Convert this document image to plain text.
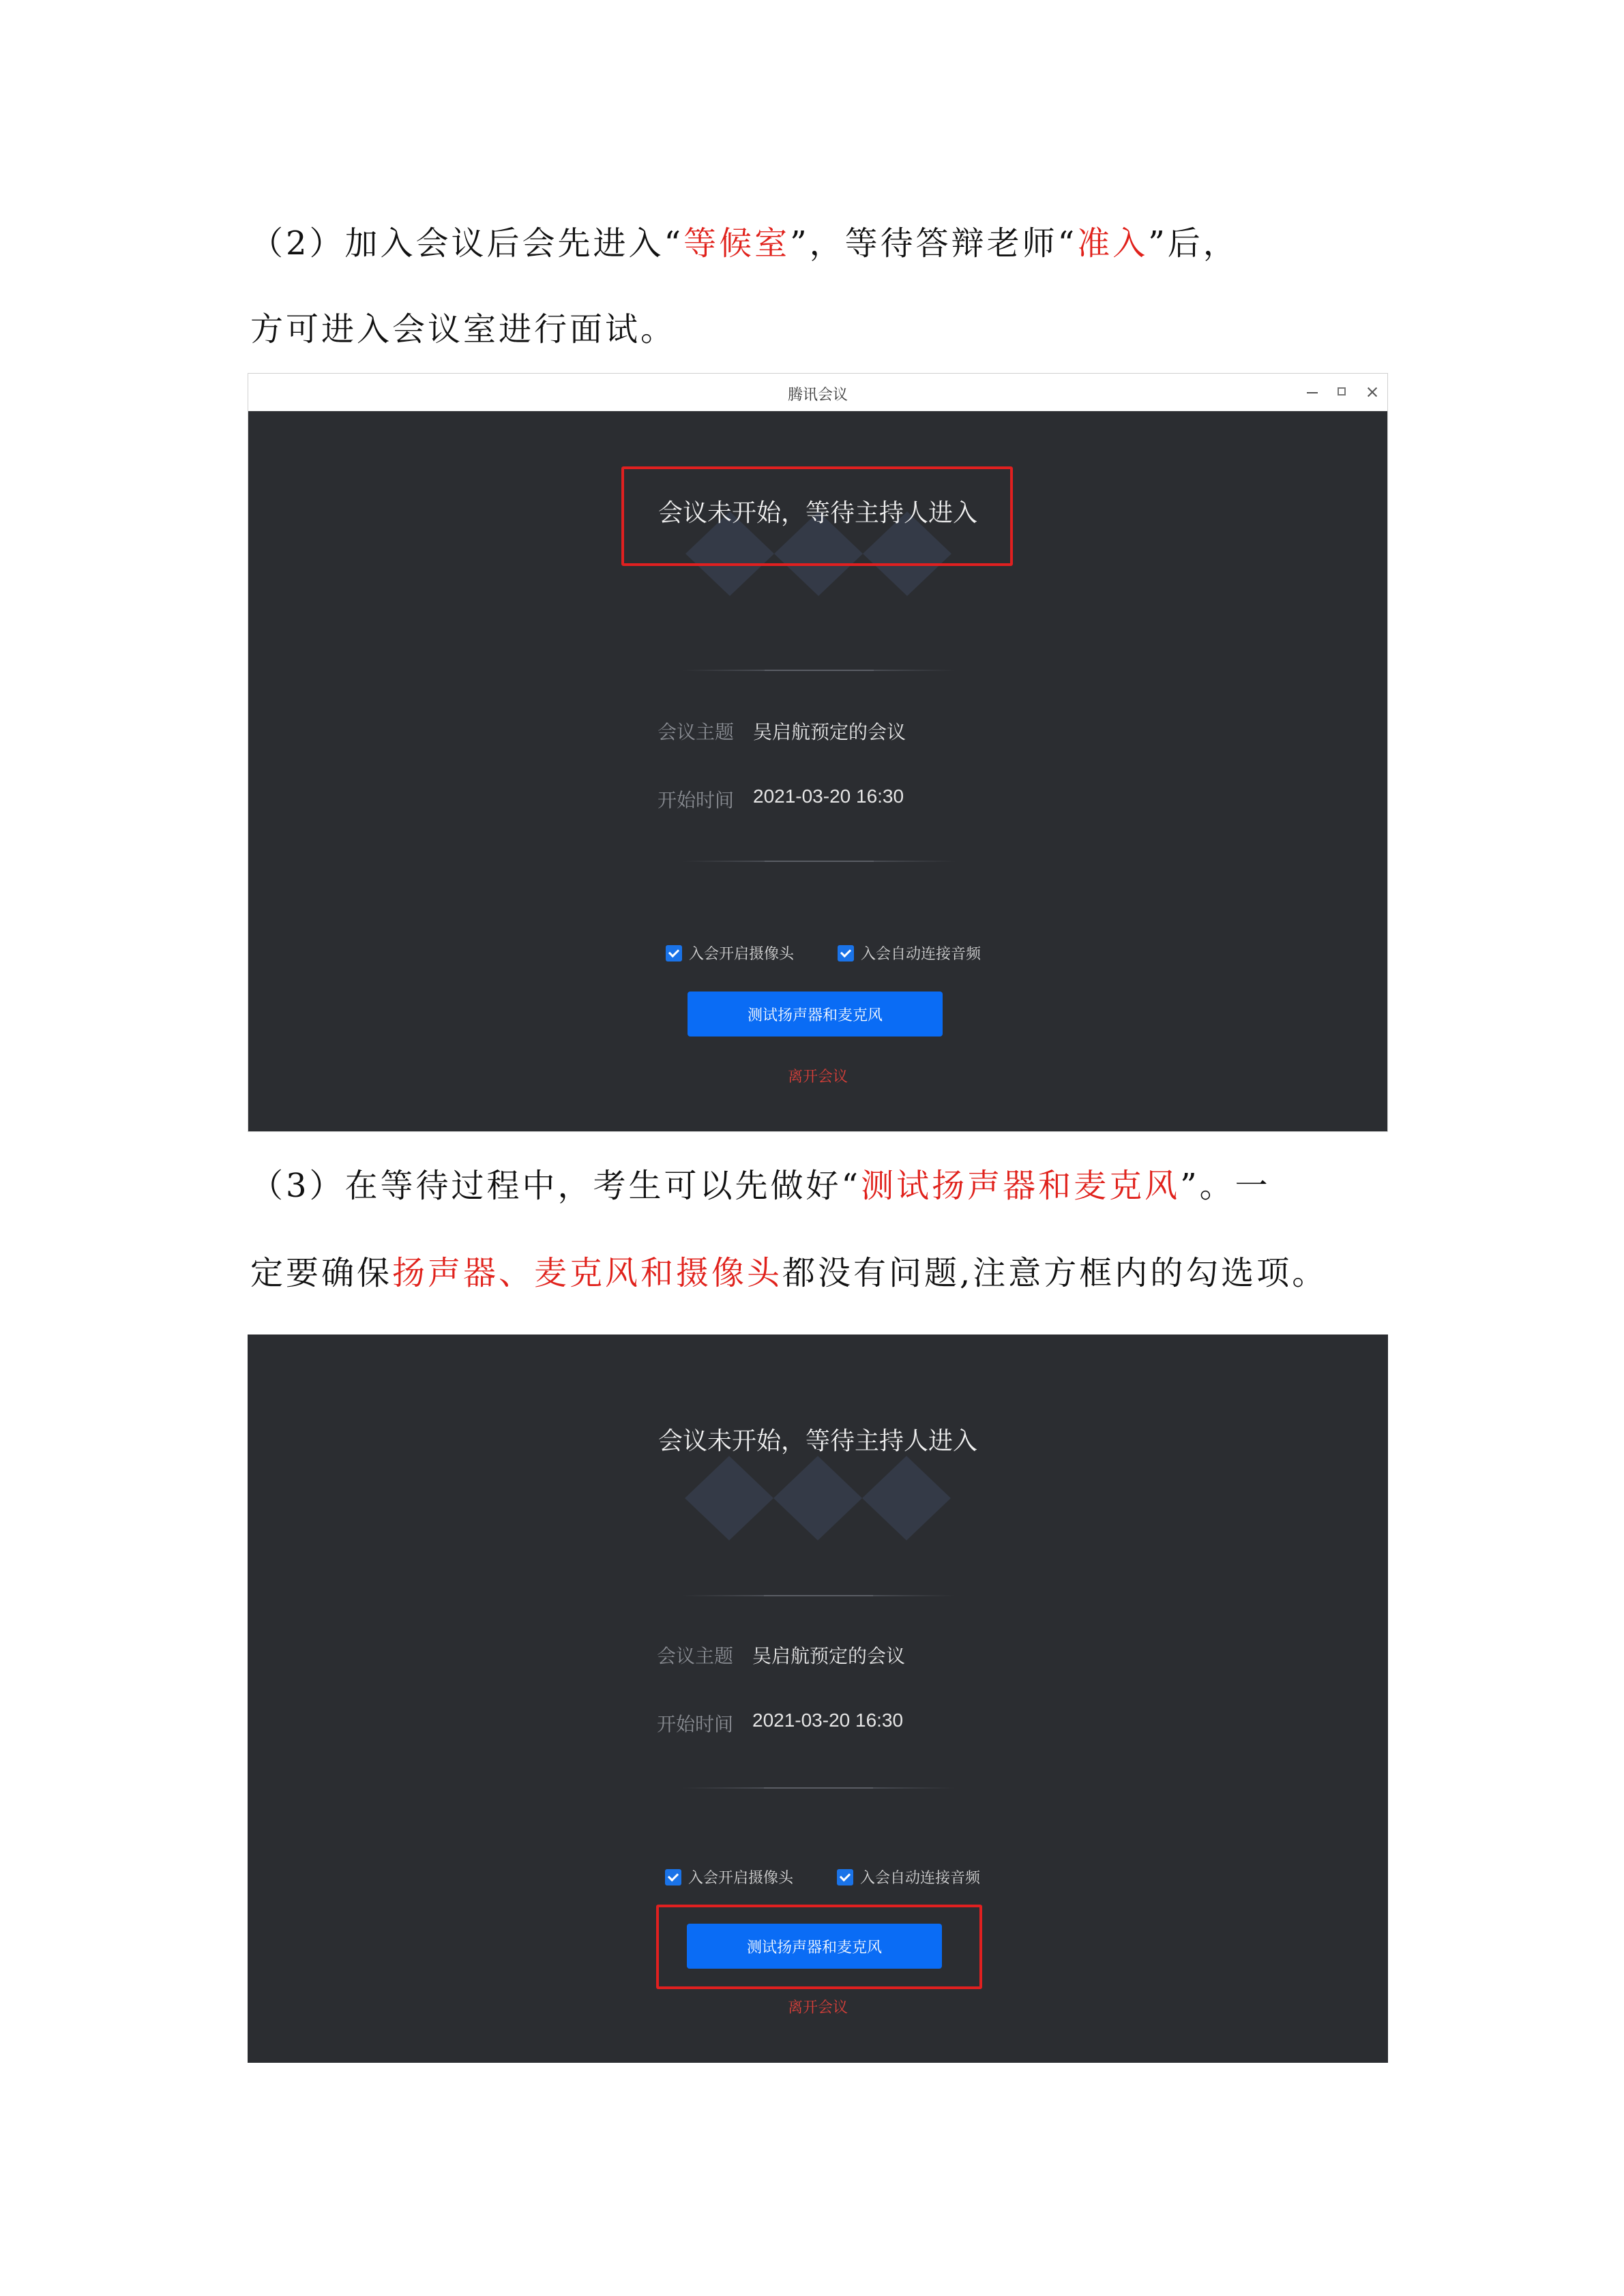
（2）加入会议后会先进入“等候室”，等待答辩老师“准入”后，
方可进入会议室进行面试。
腾讯会议
会议未开始，等待主持人进入
会议主题 吴启航预定的会议
开始时间 2021-03-20 16:30
入会开启摄像头	入会自动连接音频
测试扬声器和麦克风
离开会议
（3）在等待过程中，考生可以先做好“测试扬声器和麦克风”。一
定要确保扬声器、麦克风和摄像头都没有问题,注意方框内的勾选项。
会议未开始，等待主持人进入
会议主题 吴启航预定的会议
开始时间 2021-03-20 16:30
入会开启摄像头	入会自动连接音频
测试扬声器和麦克风
离开会议
